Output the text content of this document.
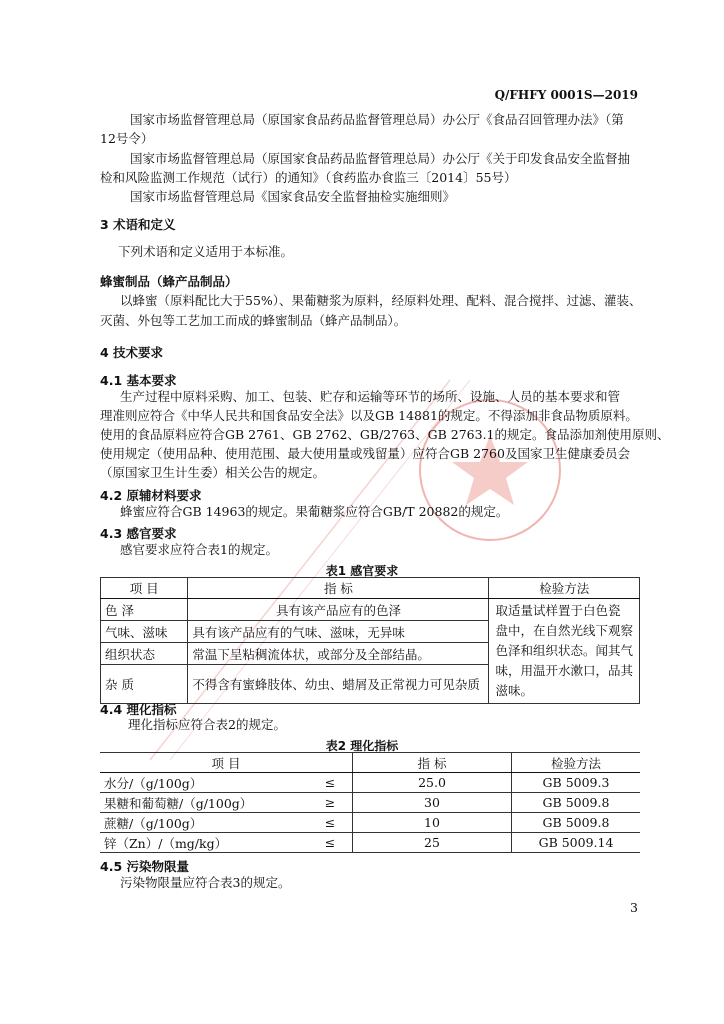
Q/FHFY 0001S—2019
国家市场监督管理总局（原国家食品药品监督管理总局）办公厅《食品召回管理办法》（第
12号令）
国家市场监督管理总局（原国家食品药品监督管理总局）办公厅《关于印发食品安全监督抽
检和风险监测工作规范（试行）的通知》（食药监办食监三〔2014〕55号）
国家市场监督管理总局《国家食品安全监督抽检实施细则》
3 术语和定义
下列术语和定义适用于本标准。
蜂蜜制品（蜂产品制品）
以蜂蜜（原料配比大于55%）、果葡糖浆为原料，经原料处理、配料、混合搅拌、过滤、灌装、
灭菌、外包等工艺加工而成的蜂蜜制品（蜂产品制品）。
4 技术要求
4.1 基本要求
生产过程中原料采购、加工、包装、贮存和运输等环节的场所、设施、人员的基本要求和管
理准则应符合《中华人民共和国食品安全法》以及GB 14881的规定。不得添加非食品物质原料。
使用的食品原料应符合GB 2761、GB 2762、GB/2763、GB 2763.1的规定。食品添加剂使用原则、
使用规定（使用品种、使用范围、最大使用量或残留量）应符合GB 2760及国家卫生健康委员会
（原国家卫生计生委）相关公告的规定。
4.2 原辅材料要求
蜂蜜应符合GB 14963的规定。果葡糖浆应符合GB/T 20882的规定。
4.3 感官要求
感官要求应符合表1的规定。
表1 感官要求
项 目	指 标	检验方法
色 泽	具有该产品应有的色泽	取适量试样置于白色瓷
盘中，在自然光线下观察
色泽和组织状态。闻其气
味，用温开水漱口，品其
滋味。

气味、滋味	具有该产品应有的气味、滋味，无异味	
组织状态	常温下呈粘稠流体状，或部分及全部结晶。	
杂 质	不得含有蜜蜂肢体、幼虫、蜡屑及正常视力可见杂质	
4.4 理化指标
理化指标应符合表2的规定。
表2 理化指标
项 目		指 标	检验方法
水分/（g/100g）	≤	25.0	GB 5009.3
果糖和葡萄糖/（g/100g）	≥	30	GB 5009.8
蔗糖/（g/100g）	≤	10	GB 5009.8
锌（Zn）/（mg/kg）	≤	25	GB 5009.14
4.5 污染物限量
污染物限量应符合表3的规定。
3
